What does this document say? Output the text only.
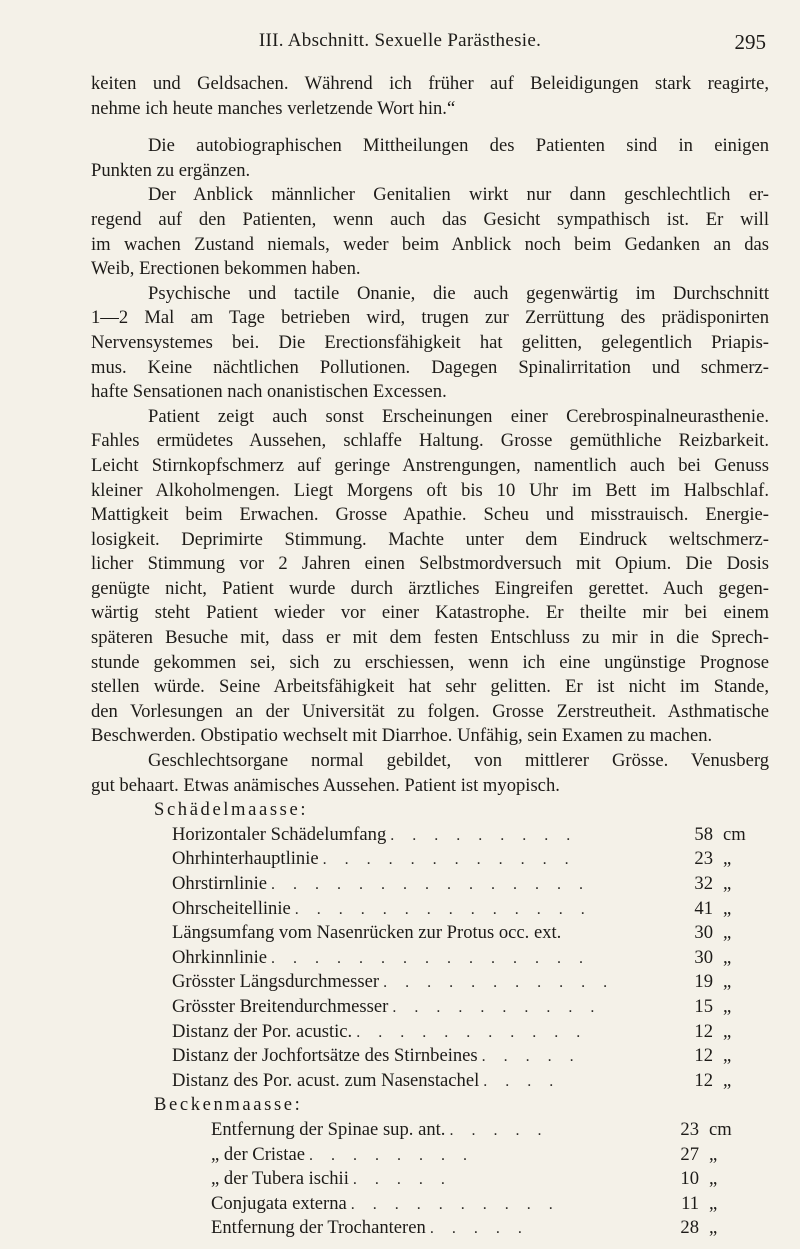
III. Abschnitt. Sexuelle Parästhesie.	295
keiten und Geldsachen. Während ich früher auf Beleidigungen stark reagirte,
nehme ich heute manches verletzende Wort hin.“
Die autobiographischen Mittheilungen des Patienten sind in einigen
Punkten zu ergänzen.
Der Anblick männlicher Genitalien wirkt nur dann geschlechtlich er-
regend auf den Patienten, wenn auch das Gesicht sympathisch ist. Er will
im wachen Zustand niemals, weder beim Anblick noch beim Gedanken an das
Weib, Erectionen bekommen haben.
Psychische und tactile Onanie, die auch gegenwärtig im Durchschnitt
1—2 Mal am Tage betrieben wird, trugen zur Zerrüttung des prädisponirten
Nervensystemes bei. Die Erectionsfähigkeit hat gelitten, gelegentlich Priapis-
mus. Keine nächtlichen Pollutionen. Dagegen Spinalirritation und schmerz-
hafte Sensationen nach onanistischen Excessen.
Patient zeigt auch sonst Erscheinungen einer Cerebrospinalneurasthenie.
Fahles ermüdetes Aussehen, schlaffe Haltung. Grosse gemüthliche Reizbarkeit.
Leicht Stirnkopfschmerz auf geringe Anstrengungen, namentlich auch bei Genuss
kleiner Alkoholmengen. Liegt Morgens oft bis 10 Uhr im Bett im Halbschlaf.
Mattigkeit beim Erwachen. Grosse Apathie. Scheu und misstrauisch. Energie-
losigkeit. Deprimirte Stimmung. Machte unter dem Eindruck weltschmerz-
licher Stimmung vor 2 Jahren einen Selbstmordversuch mit Opium. Die Dosis
genügte nicht, Patient wurde durch ärztliches Eingreifen gerettet. Auch gegen-
wärtig steht Patient wieder vor einer Katastrophe. Er theilte mir bei einem
späteren Besuche mit, dass er mit dem festen Entschluss zu mir in die Sprech-
stunde gekommen sei, sich zu erschiessen, wenn ich eine ungünstige Prognose
stellen würde. Seine Arbeitsfähigkeit hat sehr gelitten. Er ist nicht im Stande,
den Vorlesungen an der Universität zu folgen. Grosse Zerstreutheit. Asthmatische
Beschwerden. Obstipatio wechselt mit Diarrhoe. Unfähig, sein Examen zu machen.
Geschlechtsorgane normal gebildet, von mittlerer Grösse. Venusberg
gut behaart. Etwas anämisches Aussehen. Patient ist myopisch.
Schädelmaasse:
Horizontaler Schädelumfang . . . . . . . . .	58 cm
Ohrhinterhauptlinie . . . . . . . . . . . .	23 „
Ohrstirnlinie . . . . . . . . . . . . . . .	32 „
Ohrscheitellinie . . . . . . . . . . . . . .	41 „
Längsumfang vom Nasenrücken zur Protus occ. ext.	30 „
Ohrkinnlinie . . . . . . . . . . . . . . .	30 „
Grösster Längsdurchmesser . . . . . . . . . . .	19 „
Grösster Breitendurchmesser . . . . . . . . . .	15 „
Distanz der Por. acustic. . . . . . . . . . . .	12 „
Distanz der Jochfortsätze des Stirnbeines . . . . .	12 „
Distanz des Por. acust. zum Nasenstachel . . . .	12 „
Beckenmaasse:
Entfernung der Spinae sup. ant. . . . . .	23 cm
„ der Cristae . . . . . . . .	27 „
„ der Tubera ischii . . . . .	10 „
Conjugata externa . . . . . . . . . .	11 „
Entfernung der Trochanteren . . . . .	28 „
